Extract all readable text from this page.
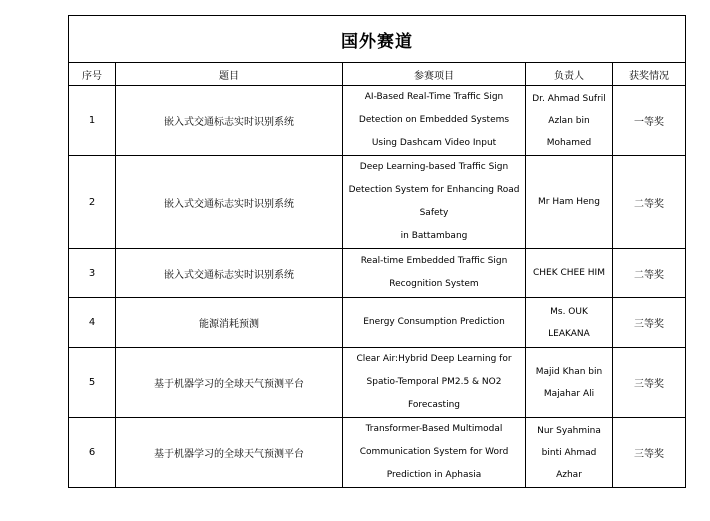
国外赛道				
序号	题目	参赛项目	负责人	获奖情况
1	嵌入式交通标志实时识别系统	AI-Based Real-Time Traffic Sign
Detection on Embedded Systems
Using Dashcam Video Input	Dr. Ahmad Sufril
Azlan bin
Mohamed	一等奖
2	嵌入式交通标志实时识别系统	Deep Learning-based Traffic Sign
Detection System for Enhancing Road
Safety
in Battambang	Mr Ham Heng	二等奖
3	嵌入式交通标志实时识别系统	Real-time Embedded Traffic Sign
Recognition System	CHEK CHEE HIM	二等奖
4	能源消耗预测	Energy Consumption Prediction	Ms. OUK
LEAKANA	三等奖
5	基于机器学习的全球天气预测平台	Clear Air:Hybrid Deep Learning for
Spatio-Temporal PM2.5 & NO2
Forecasting	Majid Khan bin
Majahar Ali	三等奖
6	基于机器学习的全球天气预测平台	Transformer-Based Multimodal
Communication System for Word
Prediction in Aphasia	Nur Syahmina
binti Ahmad
Azhar	三等奖
